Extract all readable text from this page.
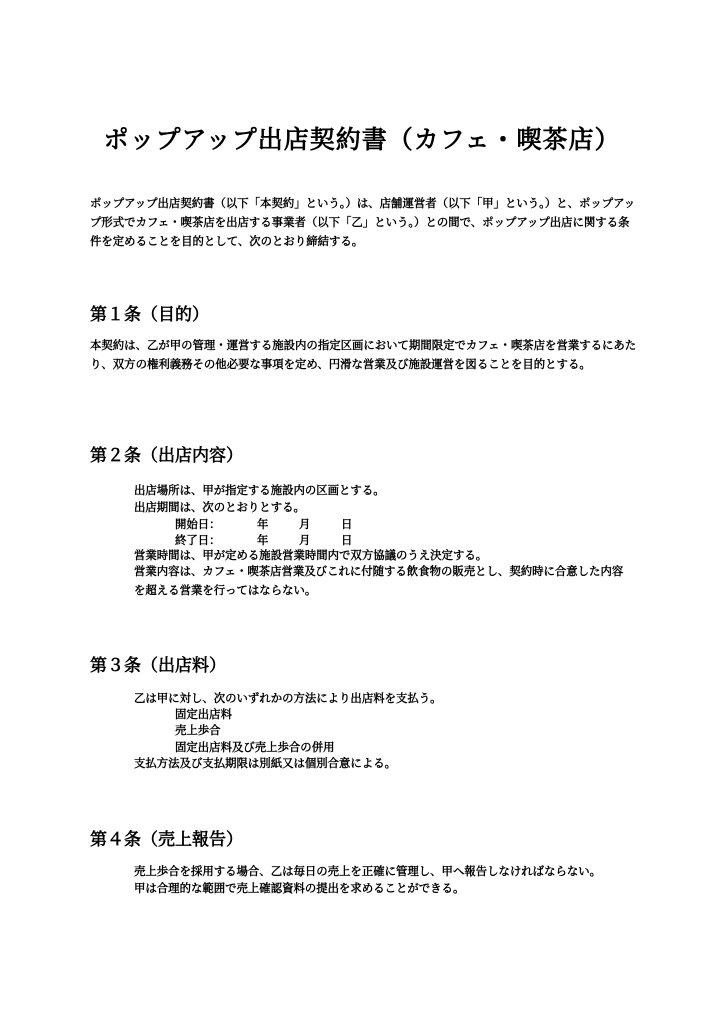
ポップアップ出店契約書（カフェ・喫茶店）
ポップアップ出店契約書（以下「本契約」という。）は、店舗運営者（以下「甲」という。）と、ポップアップ形式でカフェ・喫茶店を出店する事業者（以下「乙」という。）との間で、ポップアップ出店に関する条件を定めることを目的として、次のとおり締結する。
第１条（目的）
本契約は、乙が甲の管理・運営する施設内の指定区画において期間限定でカフェ・喫茶店を営業するにあたり、双方の権利義務その他必要な事項を定め、円滑な営業及び施設運営を図ることを目的とする。
第２条（出店内容）
出店場所は、甲が指定する施設内の区画とする。
出店期間は、次のとおりとする。
開始日：	年	月	日
終了日：	年	月	日
営業時間は、甲が定める施設営業時間内で双方協議のうえ決定する。
営業内容は、カフェ・喫茶店営業及びこれに付随する飲食物の販売とし、契約時に合意した内容を超える営業を行ってはならない。
第３条（出店料）
乙は甲に対し、次のいずれかの方法により出店料を支払う。
固定出店料
売上歩合
固定出店料及び売上歩合の併用
支払方法及び支払期限は別紙又は個別合意による。
第４条（売上報告）
売上歩合を採用する場合、乙は毎日の売上を正確に管理し、甲へ報告しなければならない。
甲は合理的な範囲で売上確認資料の提出を求めることができる。
